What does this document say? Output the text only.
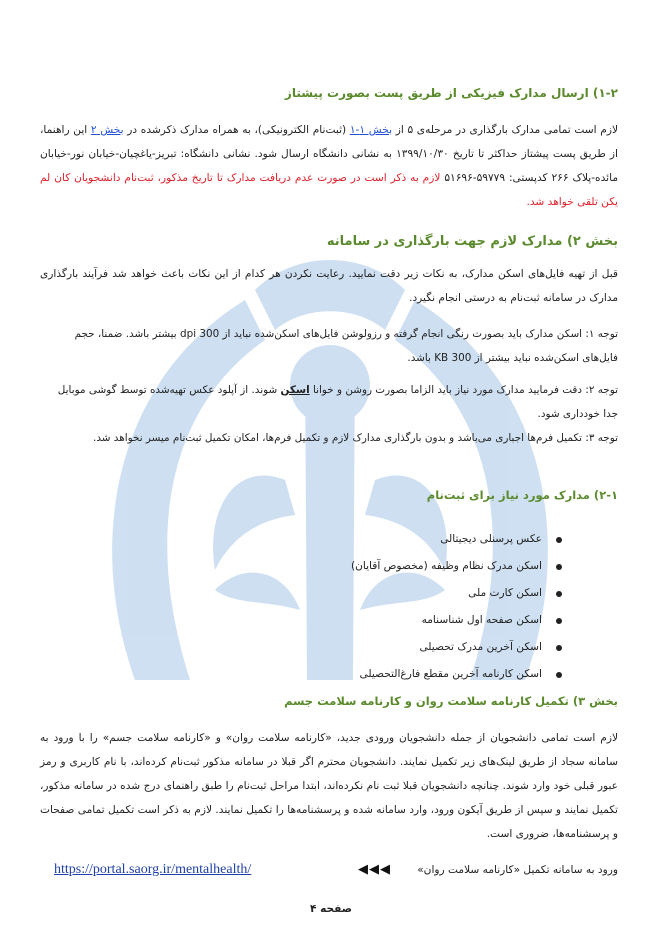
۱-۲) ارسال مدارک فیزیکی از طریق پست بصورت پیشتاز

لازم است تمامی مدارک بارگذاری در مرحله‌ی ۵ از بخش ۱-۱ (ثبت‌نام الکترونیکی)، به همراه مدارک ذکرشده در بخش ۲ این راهنما، از طریق پست پیشتاز حداکثر تا تاریخ ۱۳۹۹/۱۰/۳۰ به نشانی دانشگاه ارسال شود. نشانی دانشگاه: تبریز-یاغچیان-خیابان نور-خیابان مائده-پلاک ۲۶۶ کدپستی: ۵۹۷۷۹-۵۱۶۹۶ لازم به ذکر است در صورت عدم دریافت مدارک تا تاریخ مذکور، ثبت‌نام دانشجویان کان لم یکن تلقی خواهد شد.

بخش ۲) مدارک لازم جهت بارگذاری در سامانه

قبل از تهیه فایل‌های اسکن مدارک، به نکات زیر دقت نمایید. رعایت نکردن هر کدام از این نکات باعث خواهد شد فرآیند بارگذاری مدارک در سامانه ثبت‌نام به درستی انجام نگیرد.

توجه ۱: اسکن مدارک باید بصورت رنگی انجام گرفته و رزولوشن فایل‌های اسکن‌شده نباید از 300 dpi بیشتر باشد. ضمنا، حجم فایل‌های اسکن‌شده نباید بیشتر از 300 KB باشد.

توجه ۲: دقت فرمایید مدارک مورد نیاز باید الزاما بصورت روشن و خوانا اسکن شوند. از آپلود عکس تهیه‌شده توسط گوشی موبایل جدا خودداری شود.

توجه ۳: تکمیل فرم‌ها اجباری می‌باشد و بدون بارگذاری مدارک لازم و تکمیل فرم‌ها، امکان تکمیل ثبت‌نام میسر نخواهد شد.

۲-۱) مدارک مورد نیاز برای ثبت‌نام
عکس پرسنلی دیجیتالی
اسکن مدرک نظام وظیفه (مخصوص آقایان)
اسکن کارت ملی
اسکن صفحه اول شناسنامه
اسکن آخرین مدرک تحصیلی
اسکن کارنامه آخرین مقطع فارغ‌التحصیلی
بخش ۳) تکمیل کارنامه سلامت روان و کارنامه سلامت جسم

لازم است تمامی دانشجویان از جمله دانشجویان ورودی جدید، «کارنامه سلامت روان» و «کارنامه سلامت جسم» را با ورود به سامانه سجاد از طریق لینک‌های زیر تکمیل نمایند. دانشجویان محترم اگر قبلا در سامانه مذکور ثبت‌نام کرده‌اند، با نام کاربری و رمز عبور قبلی خود وارد شوند. چنانچه دانشجویان قبلا ثبت نام نکرده‌اند، ابتدا مراحل ثبت‌نام را طبق راهنمای درج شده در سامانه مذکور، تکمیل نمایند و سپس از طریق آیکون ورود، وارد سامانه شده و پرسشنامه‌ها را تکمیل نمایند. لازم به ذکر است تکمیل تمامی صفحات و پرسشنامه‌ها، ضروری است.

https://portal.saorg.ir/mentalhealth/	◀◀◀ ورود به سامانه تکمیل «کارنامه سلامت روان»
صفحه ۴
